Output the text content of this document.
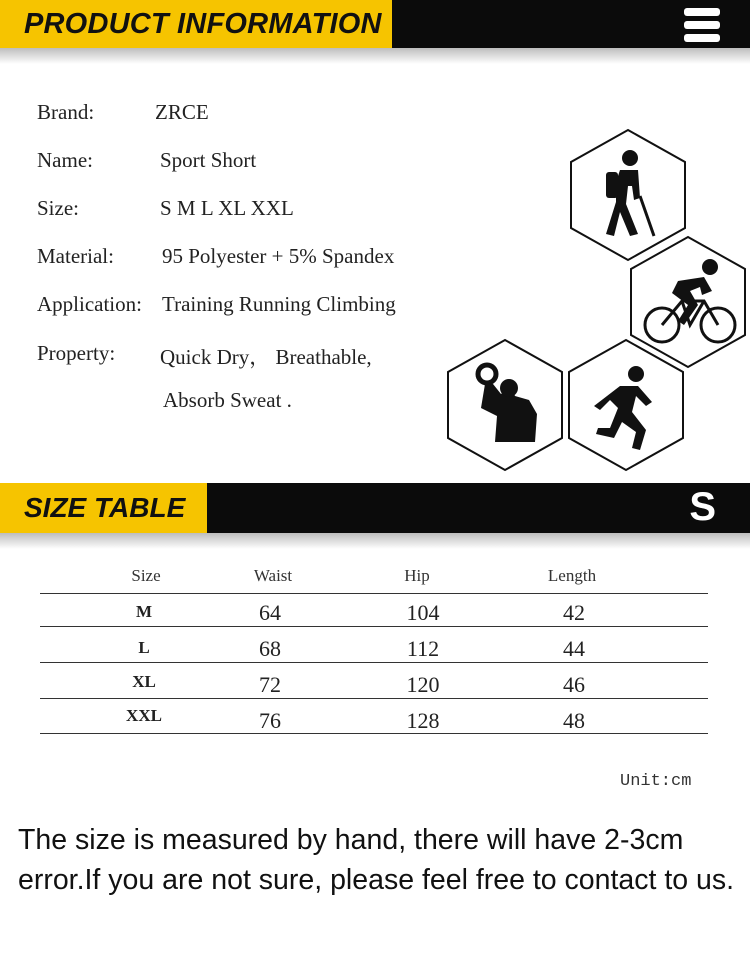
PRODUCT INFORMATION
Brand:	ZRCE
Name:	Sport Short
Size:	S M L XL XXL
Material: 95 Polyester + 5% Spandex
Application: Training Running Climbing
Property: Quick Dry， Breathable,
Absorb Sweat .
SIZE TABLE	S
Size	Waist	Hip	Length
M	64	104	42
L	68	112	44
XL	72	120	46
XXL	76	128	48
Unit:cm
The size is measured by hand, there will have 2-3cm error.If you are not sure, please feel free to contact to us.
